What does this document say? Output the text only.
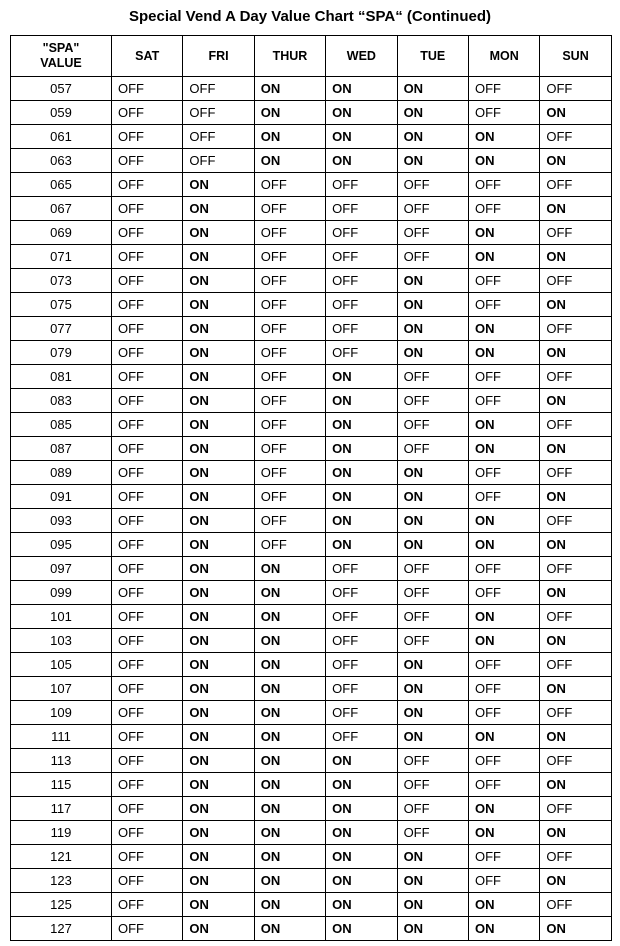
Special Vend A Day Value Chart “SPA“ (Continued)
"SPA"
VALUE	SAT	FRI	THUR	WED	TUE	MON	SUN
057	OFF	OFF	ON	ON	ON	OFF	OFF
059	OFF	OFF	ON	ON	ON	OFF	ON
061	OFF	OFF	ON	ON	ON	ON	OFF
063	OFF	OFF	ON	ON	ON	ON	ON
065	OFF	ON	OFF	OFF	OFF	OFF	OFF
067	OFF	ON	OFF	OFF	OFF	OFF	ON
069	OFF	ON	OFF	OFF	OFF	ON	OFF
071	OFF	ON	OFF	OFF	OFF	ON	ON
073	OFF	ON	OFF	OFF	ON	OFF	OFF
075	OFF	ON	OFF	OFF	ON	OFF	ON
077	OFF	ON	OFF	OFF	ON	ON	OFF
079	OFF	ON	OFF	OFF	ON	ON	ON
081	OFF	ON	OFF	ON	OFF	OFF	OFF
083	OFF	ON	OFF	ON	OFF	OFF	ON
085	OFF	ON	OFF	ON	OFF	ON	OFF
087	OFF	ON	OFF	ON	OFF	ON	ON
089	OFF	ON	OFF	ON	ON	OFF	OFF
091	OFF	ON	OFF	ON	ON	OFF	ON
093	OFF	ON	OFF	ON	ON	ON	OFF
095	OFF	ON	OFF	ON	ON	ON	ON
097	OFF	ON	ON	OFF	OFF	OFF	OFF
099	OFF	ON	ON	OFF	OFF	OFF	ON
101	OFF	ON	ON	OFF	OFF	ON	OFF
103	OFF	ON	ON	OFF	OFF	ON	ON
105	OFF	ON	ON	OFF	ON	OFF	OFF
107	OFF	ON	ON	OFF	ON	OFF	ON
109	OFF	ON	ON	OFF	ON	OFF	OFF
111	OFF	ON	ON	OFF	ON	ON	ON
113	OFF	ON	ON	ON	OFF	OFF	OFF
115	OFF	ON	ON	ON	OFF	OFF	ON
117	OFF	ON	ON	ON	OFF	ON	OFF
119	OFF	ON	ON	ON	OFF	ON	ON
121	OFF	ON	ON	ON	ON	OFF	OFF
123	OFF	ON	ON	ON	ON	OFF	ON
125	OFF	ON	ON	ON	ON	ON	OFF
127	OFF	ON	ON	ON	ON	ON	ON
